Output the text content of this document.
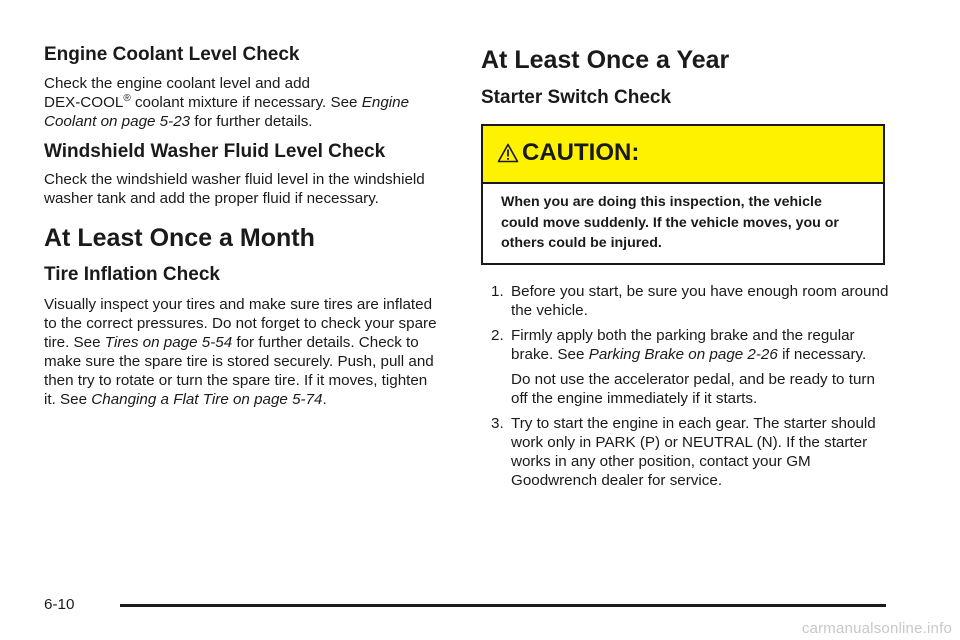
Engine Coolant Level Check

Check the engine coolant level and add
DEX-COOL® coolant mixture if necessary. See Engine Coolant on page 5-23 for further details.

Windshield Washer Fluid Level Check

Check the windshield washer fluid level in the windshield washer tank and add the proper fluid if necessary.

At Least Once a Month
Tire Inflation Check

Visually inspect your tires and make sure tires are inflated to the correct pressures. Do not forget to check your spare tire. See Tires on page 5-54 for further details. Check to make sure the spare tire is stored securely. Push, pull and then try to rotate or turn the spare tire. If it moves, tighten it. See Changing a Flat Tire on page 5-74.

At Least Once a Year
Starter Switch Check
CAUTION:
When you are doing this inspection, the vehicle could move suddenly. If the vehicle moves, you or others could be injured.
1. Before you start, be sure you have enough room around the vehicle.
2. Firmly apply both the parking brake and the regular brake. See Parking Brake on page 2-26 if necessary.

Do not use the accelerator pedal, and be ready to turn off the engine immediately if it starts.

3. Try to start the engine in each gear. The starter should work only in PARK (P) or NEUTRAL (N). If the starter works in any other position, contact your GM Goodwrench dealer for service.
6-10
carmanualsonline.info
